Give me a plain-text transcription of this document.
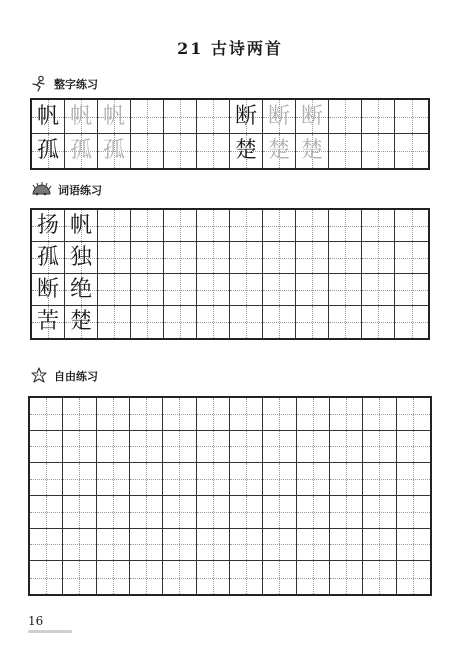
21 古诗两首
整字练习
帆 帆 帆	断 断 断
孤 孤 孤	楚 楚 楚
词语练习
扬 帆
孤 独
断 绝
苦 楚
自由练习
16
